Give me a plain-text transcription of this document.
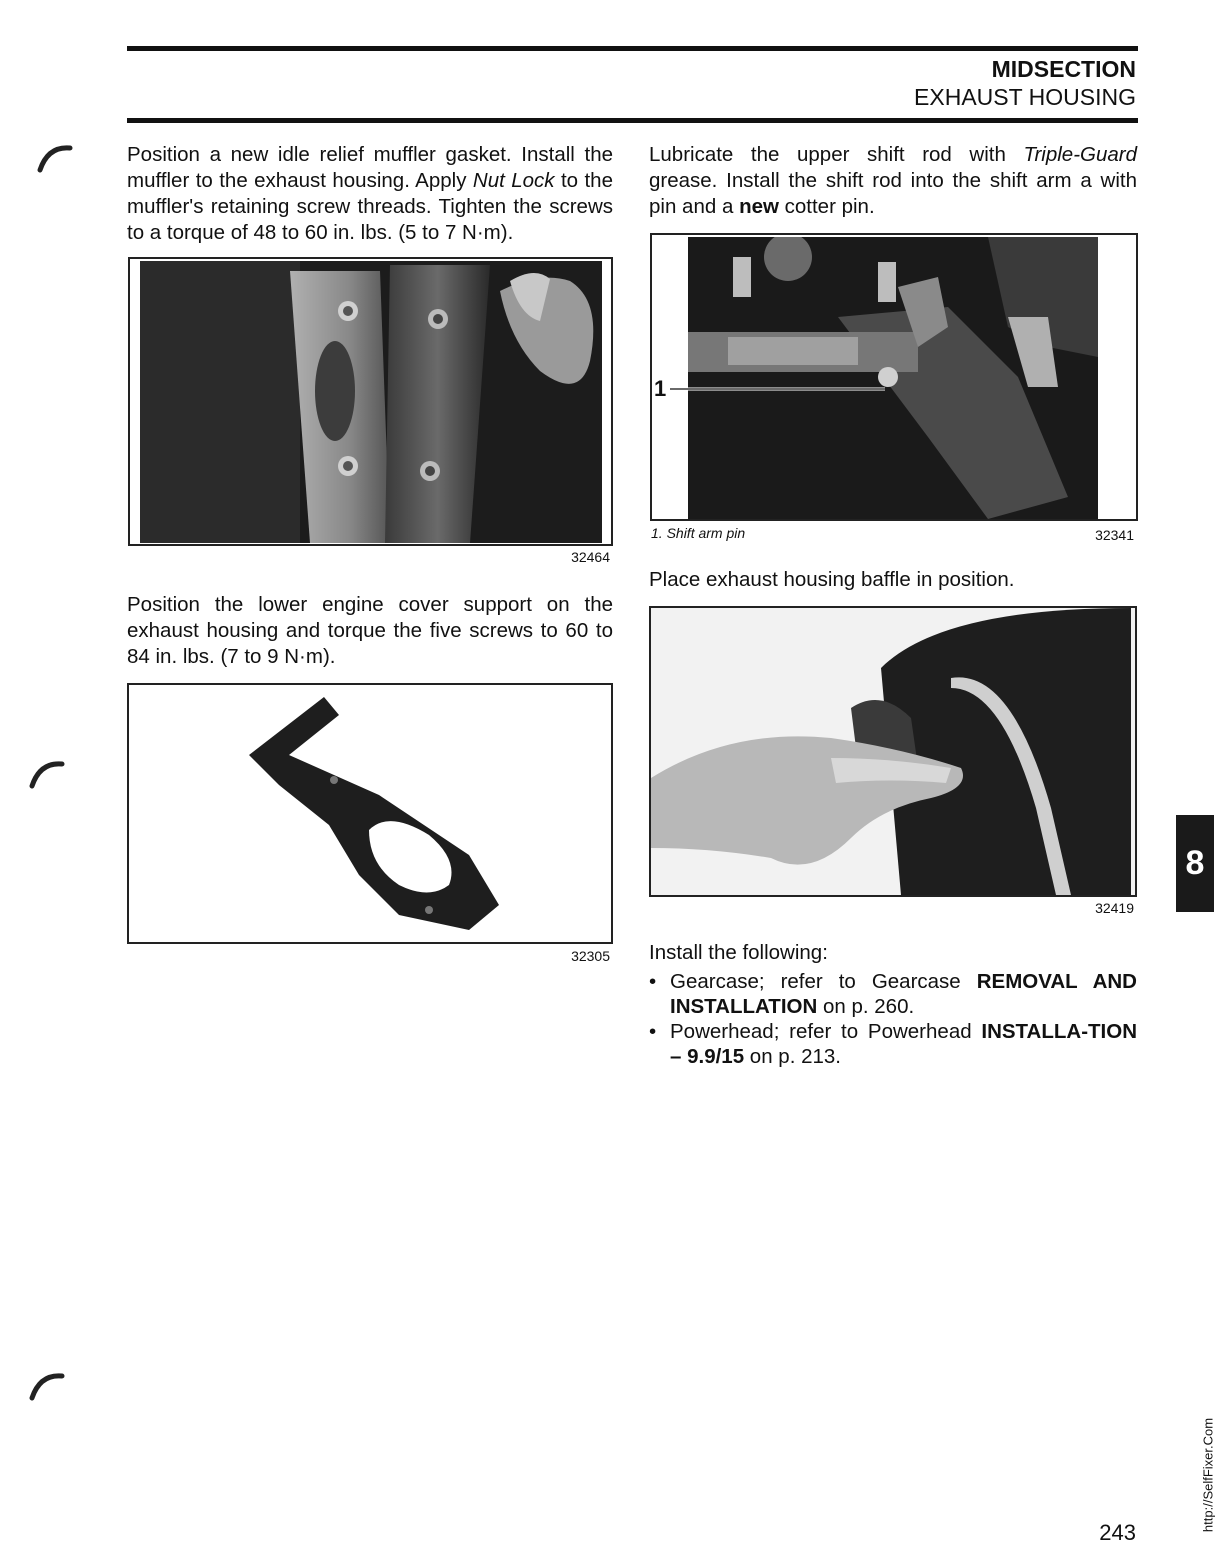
MIDSECTION
EXHAUST HOUSING
Position a new idle relief muffler gasket. Install the muffler to the exhaust housing. Apply Nut Lock to the muffler's retaining screw threads. Tighten the screws to a torque of 48 to 60 in. lbs. (5 to 7 N·m).
32464
Position the lower engine cover support on the exhaust housing and torque the five screws to 60 to 84 in. lbs. (7 to 9 N·m).
32305
Lubricate the upper shift rod with Triple-Guard grease. Install the shift rod into the shift arm a with pin and a new cotter pin.
1
1. Shift arm pin	32341
Place exhaust housing baffle in position.
32419
Install the following:
• Gearcase; refer to Gearcase REMOVAL AND INSTALLATION on p. 260.
• Powerhead; refer to Powerhead INSTALLA-TION – 9.9/15 on p. 213.
8
http://SelfFixer.Com
243
